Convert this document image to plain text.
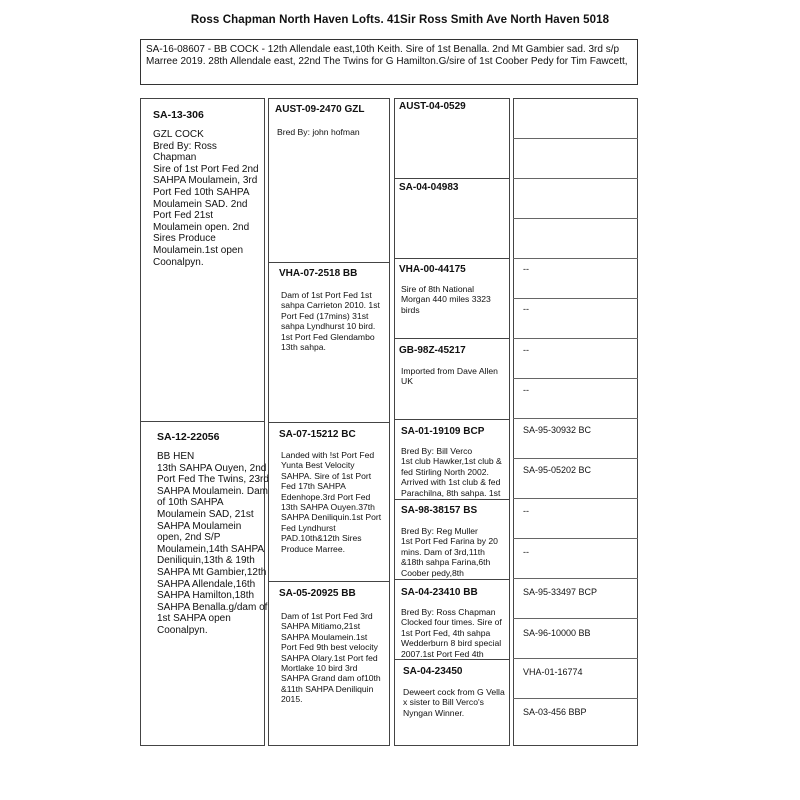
Ross Chapman North Haven Lofts. 41Sir Ross Smith Ave North Haven 5018
SA-16-08607 - BB COCK - 12th Allendale east,10th Keith. Sire of 1st Benalla. 2nd Mt Gambier sad. 3rd s/p Marree 2019. 28th Allendale east, 22nd The Twins for G Hamilton.G/sire of 1st Coober Pedy for Tim Fawcett,
SA-13-306
GZL COCK
Bred By: Ross Chapman
Sire of 1st Port Fed 2nd SAHPA Moulamein, 3rd Port Fed 10th SAHPA Moulamein SAD. 2nd Port Fed 21st Moulamein open. 2nd Sires Produce Moulamein.1st open Coonalpyn.
SA-12-22056
BB HEN
13th SAHPA Ouyen, 2nd Port Fed The Twins, 23rd SAHPA Moulamein. Dam of 10th SAHPA Moulamein SAD, 21st SAHPA Moulamein open, 2nd S/P Moulamein,14th SAHPA Deniliquin,13th & 19th SAHPA Mt Gambier,12th SAHPA Allendale,16th SAHPA Hamilton,18th SAHPA Benalla.g/dam of 1st SAHPA open Coonalpyn.
AUST-09-2470 GZL
Bred By: john hofman
VHA-07-2518 BB
Dam of 1st Port Fed 1st sahpa Carrieton 2010. 1st Port Fed (17mins) 31st sahpa Lyndhurst 10 bird. 1st Port Fed Glendambo 13th sahpa.
SA-07-15212 BC
Landed with !st Port Fed Yunta Best Velocity SAHPA. Sire of 1st Port Fed 17th SAHPA Edenhope.3rd Port Fed 13th SAHPA Ouyen.37th SAHPA Deniliquin.1st Port Fed Lyndhurst PAD.10th&12th Sires Produce Marree.
SA-05-20925 BB
Dam of 1st Port Fed 3rd SAHPA Mitiamo,21st SAHPA Moulamein.1st Port Fed 9th best velocity SAHPA Olary.1st Port fed Mortlake 10 bird 3rd SAHPA Grand dam of10th &11th SAHPA Deniliquin 2015.
AUST-04-0529
SA-04-04983
VHA-00-44175
Sire of 8th National Morgan 440 miles 3323 birds
GB-98Z-45217
Imported from Dave Allen UK
SA-01-19109 BCP
Bred By: Bill Verco
1st club Hawker,1st club & fed Stirling North 2002. Arrived with 1st club & fed Parachilna, 8th sahpa. 1st
SA-98-38157 BS
Bred By: Reg Muller
1st Port Fed Farina by 20 mins. Dam of 3rd,11th &18th sahpa Farina,6th Coober pedy,8th
SA-04-23410 BB
Bred By: Ross Chapman
Clocked four times. Sire of 1st Port Fed, 4th sahpa Wedderburn 8 bird special 2007.1st Port Fed 4th
SA-04-23450
Deweert cock from G Vella x sister to Bill Verco's Nyngan Winner.
--
--
--
--
SA-95-30932 BC
SA-95-05202 BC
--
--
SA-95-33497 BCP
SA-96-10000 BB
VHA-01-16774
SA-03-456 BBP
